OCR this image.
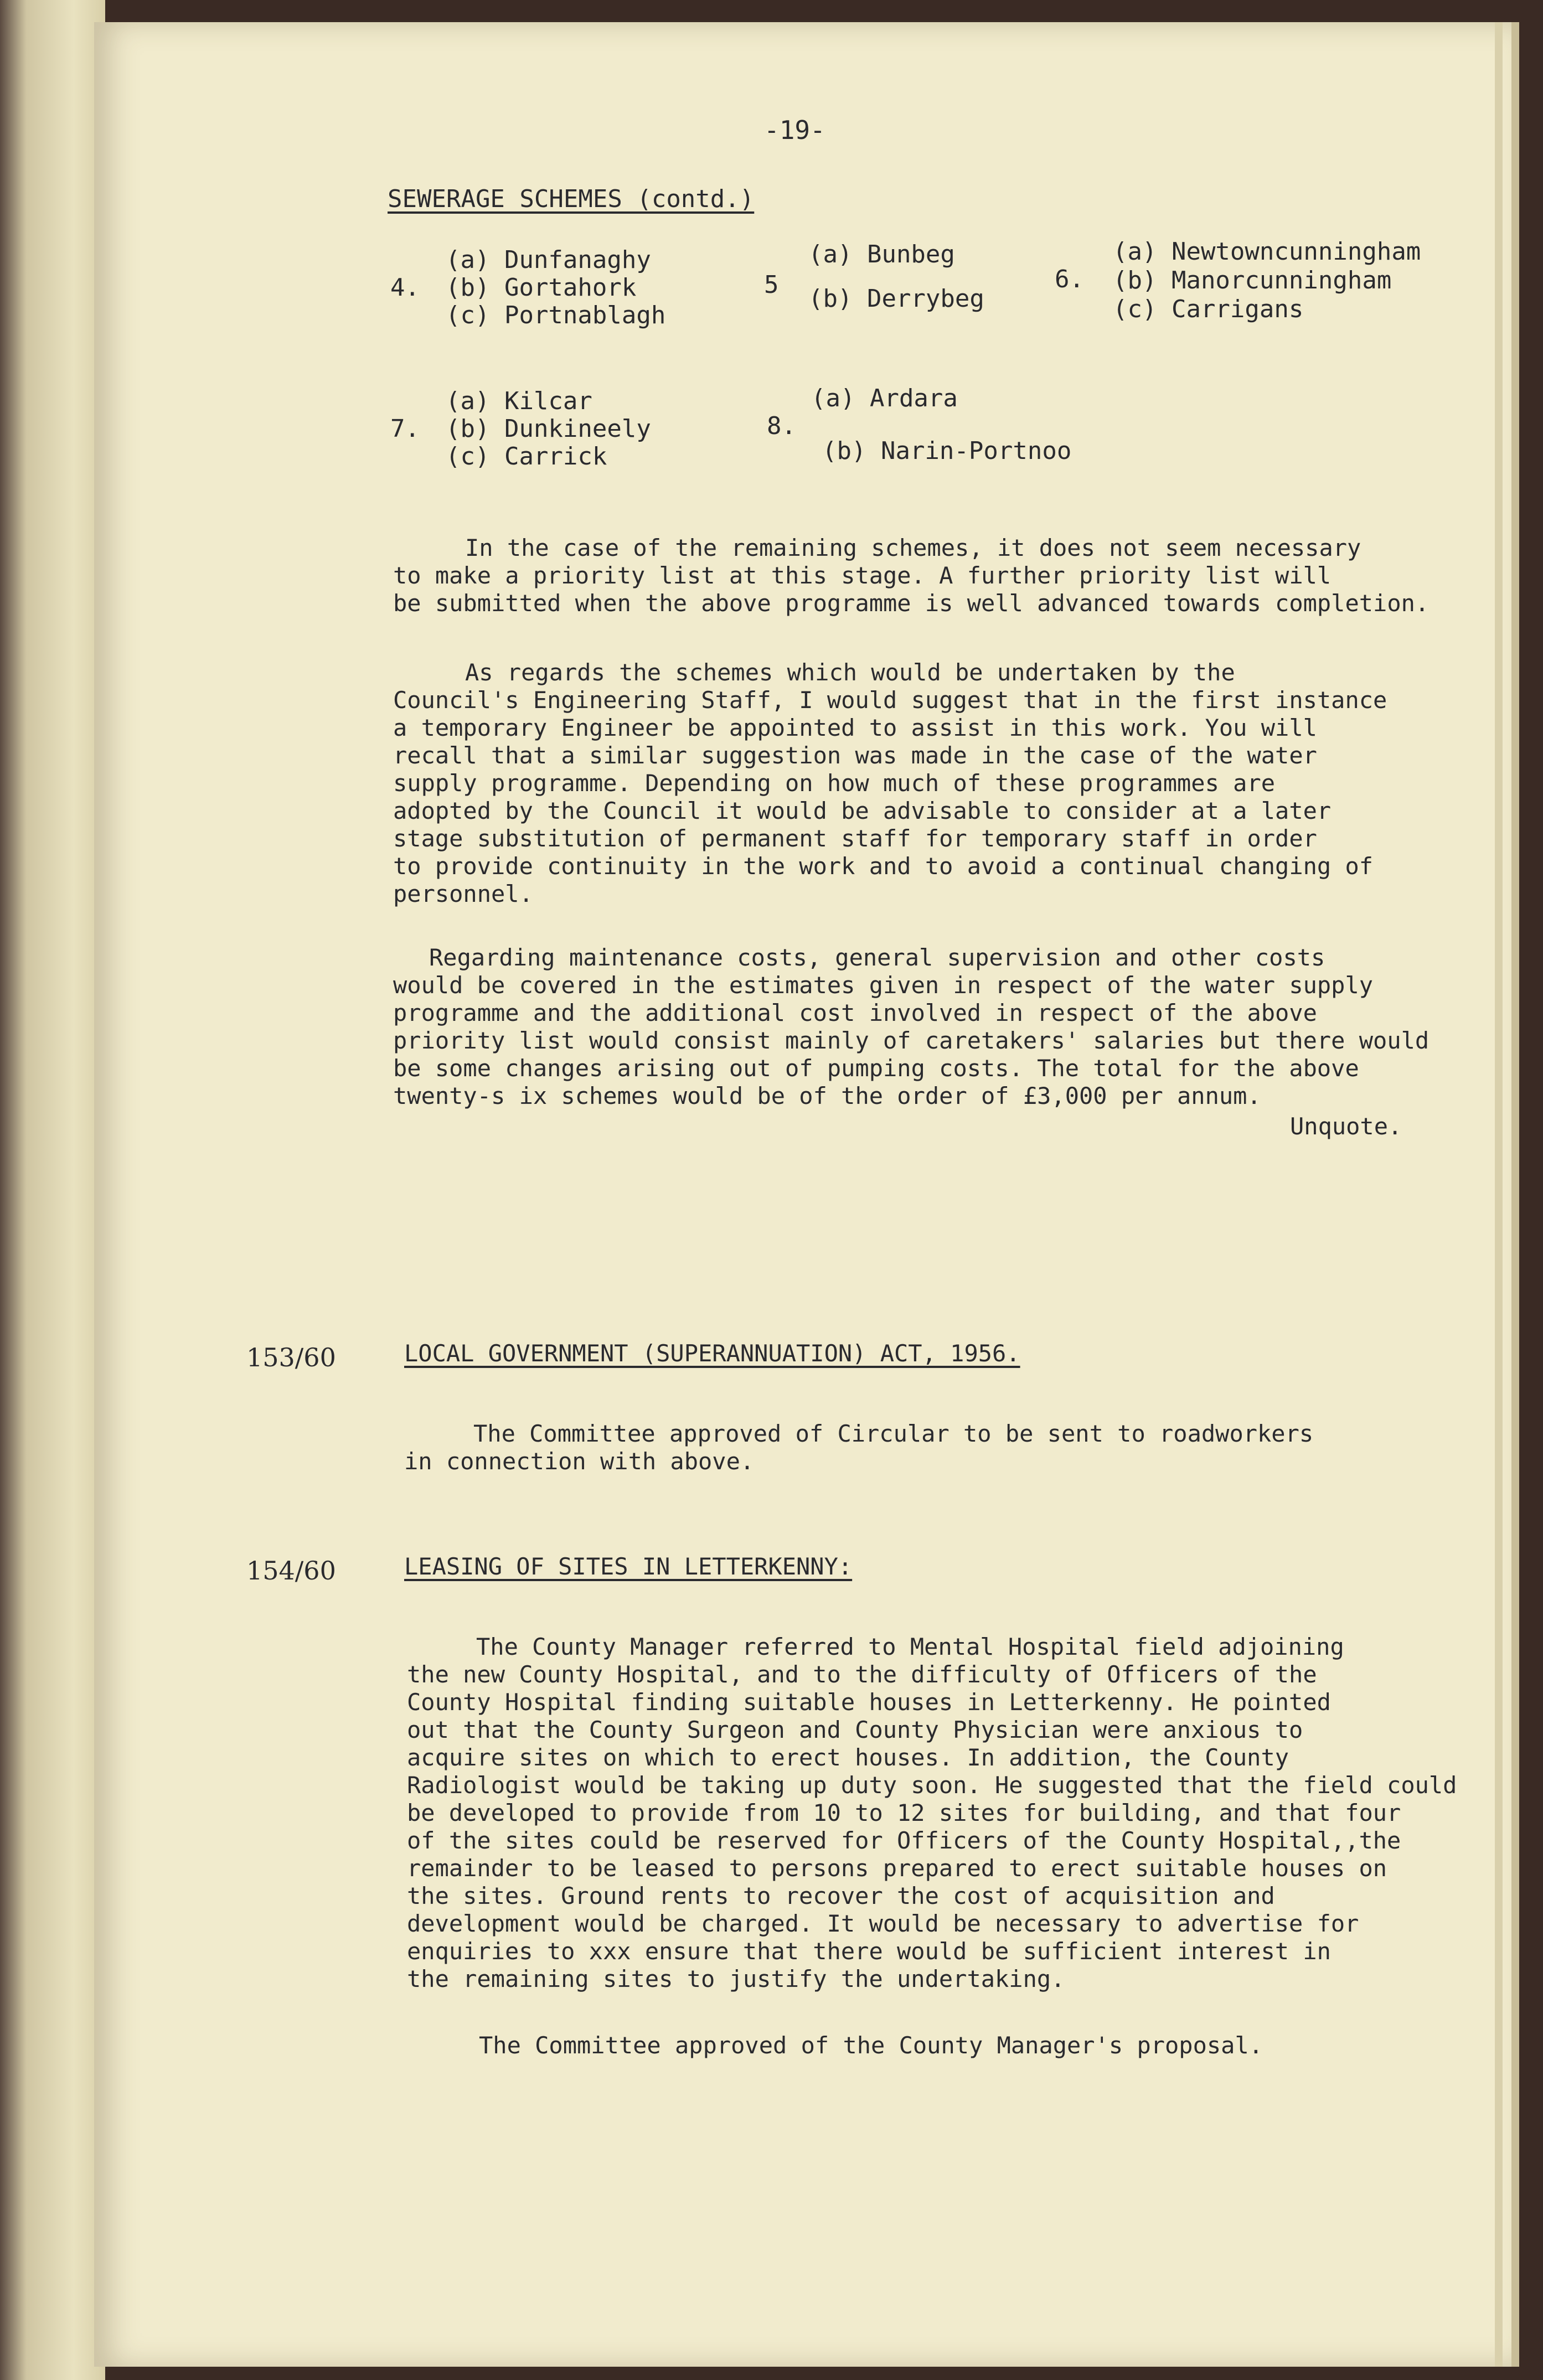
-19-
SEWERAGE SCHEMES (contd.)
4.
(a) Dunfanaghy
(b) Gortahork
(c) Portnablagh
5
(a) Bunbeg
(b) Derrybeg
6.
(a) Newtowncunningham
(b) Manorcunningham
(c) Carrigans
7.
(a) Kilcar
(b) Dunkineely
(c) Carrick
8.
(a) Ardara
(b) Narin-Portnoo
In the case of the remaining schemes, it does not seem necessary
to make a priority list at this stage. A further priority list will
be submitted when the above programme is well advanced towards completion.
As regards the schemes which would be undertaken by the
Council's Engineering Staff, I would suggest that in the first instance
a temporary Engineer be appointed to assist in this work. You will
recall that a similar suggestion was made in the case of the water
supply programme. Depending on how much of these programmes are
adopted by the Council it would be advisable to consider at a later
stage substitution of permanent staff for temporary staff in order
to provide continuity in the work and to avoid a continual changing of
personnel.
Regarding maintenance costs, general supervision and other costs
would be covered in the estimates given in respect of the water supply
programme and the additional cost involved in respect of the above
priority list would consist mainly of caretakers' salaries but there would
be some changes arising out of pumping costs. The total for the above
twenty-s ix schemes would be of the order of £3,000 per annum.
Unquote.
153/60	LOCAL GOVERNMENT (SUPERANNUATION) ACT, 1956.
The Committee approved of Circular to be sent to roadworkers
in connection with above.
154/60	LEASING OF SITES IN LETTERKENNY:
The County Manager referred to Mental Hospital field adjoining
the new County Hospital, and to the difficulty of Officers of the
County Hospital finding suitable houses in Letterkenny. He pointed
out that the County Surgeon and County Physician were anxious to
acquire sites on which to erect houses. In addition, the County
Radiologist would be taking up duty soon. He suggested that the field could
be developed to provide from 10 to 12 sites for building, and that four
of the sites could be reserved for Officers of the County Hospital,,the
remainder to be leased to persons prepared to erect suitable houses on
the sites. Ground rents to recover the cost of acquisition and
development would be charged. It would be necessary to advertise for
enquiries to xxx ensure that there would be sufficient interest in
the remaining sites to justify the undertaking.
The Committee approved of the County Manager's proposal.
